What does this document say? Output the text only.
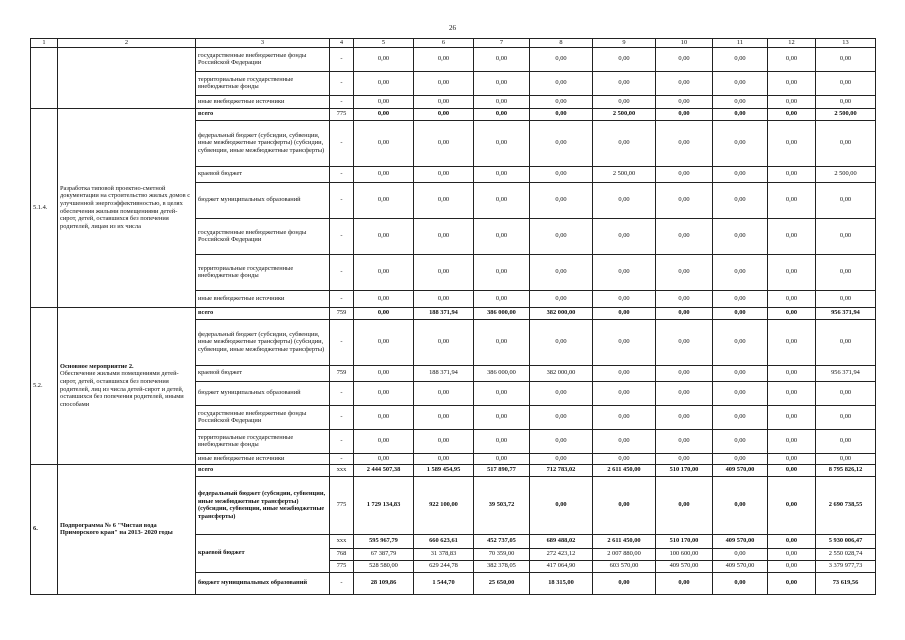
26
1	2	3	4	5	6	7	8	9	10	11	12	13
		государственные внебюджетные фонды Российской Федерации	-	0,00	0,00	0,00	0,00	0,00	0,00	0,00	0,00	0,00
		территориальные государственные внебюджетные фонды	-	0,00	0,00	0,00	0,00	0,00	0,00	0,00	0,00	0,00
		иные внебюджетные источники	-	0,00	0,00	0,00	0,00	0,00	0,00	0,00	0,00	0,00
5.1.4.	Разработка типовой проектно-сметной документации на строительство жилых домов с улучшенной энергоэффективностью, в целях обеспечения жилыми помещениями детей-сирот, детей, оставшихся без попечения родителей, лицам из их числа	всего	775	0,00	0,00	0,00	0,00	2 500,00	0,00	0,00	0,00	2 500,00
		федеральный бюджет (субсидии, субвенции, иные межбюджетные трансферты) (субсидии, субвенции, иные межбюджетные трансферты)	-	0,00	0,00	0,00	0,00	0,00	0,00	0,00	0,00	0,00
		краевой бюджет	-	0,00	0,00	0,00	0,00	2 500,00	0,00	0,00	0,00	2 500,00
		бюджет муниципальных образований	-	0,00	0,00	0,00	0,00	0,00	0,00	0,00	0,00	0,00
		государственные внебюджетные фонды Российской Федерации	-	0,00	0,00	0,00	0,00	0,00	0,00	0,00	0,00	0,00
		территориальные государственные внебюджетные фонды	-	0,00	0,00	0,00	0,00	0,00	0,00	0,00	0,00	0,00
		иные внебюджетные источники	-	0,00	0,00	0,00	0,00	0,00	0,00	0,00	0,00	0,00
5.2.	Основное мероприятие 2.
Обеспечение жилыми помещениями детей-сирот, детей, оставшихся без попечения родителей, лиц из числа детей-сирот и детей, оставшихся без попечения родителей, иными способами	всего	759	0,00	188 371,94	386 000,00	382 000,00	0,00	0,00	0,00	0,00	956 371,94
		федеральный бюджет (субсидии, субвенции, иные межбюджетные трансферты) (субсидии, субвенции, иные межбюджетные трансферты)	-	0,00	0,00	0,00	0,00	0,00	0,00	0,00	0,00	0,00
		краевой бюджет	759	0,00	188 371,94	386 000,00	382 000,00	0,00	0,00	0,00	0,00	956 371,94
		бюджет муниципальных образований	-	0,00	0,00	0,00	0,00	0,00	0,00	0,00	0,00	0,00
		государственные внебюджетные фонды Российской Федерации	-	0,00	0,00	0,00	0,00	0,00	0,00	0,00	0,00	0,00
		территориальные государственные внебюджетные фонды	-	0,00	0,00	0,00	0,00	0,00	0,00	0,00	0,00	0,00
		иные внебюджетные источники	-	0,00	0,00	0,00	0,00	0,00	0,00	0,00	0,00	0,00
6.	Подпрограмма № 6 "Чистая вода Приморского края" на 2013- 2020 годы	всего	xxx	2 444 507,38	1 589 454,95	517 890,77	712 783,02	2 611 450,00	510 170,00	409 570,00	0,00	8 795 826,12
		федеральный бюджет (субсидии, субвенции, иные межбюджетные трансферты) (субсидии, субвенции, иные межбюджетные трансферты)	775	1 729 134,83	922 100,00	39 503,72	0,00	0,00	0,00	0,00	0,00	2 690 738,55
		краевой бюджет	xxx	595 967,79	660 623,61	452 737,05	689 488,02	2 611 450,00	510 170,00	409 570,00	0,00	5 930 006,47
			768	67 387,79	31 378,83	70 359,00	272 423,12	2 007 880,00	100 600,00	0,00	0,00	2 550 028,74
			775	528 580,00	629 244,78	382 378,05	417 064,90	603 570,00	409 570,00	409 570,00	0,00	3 379 977,73
		бюджет муниципальных образований	-	28 109,86	1 544,70	25 650,00	18 315,00	0,00	0,00	0,00	0,00	73 619,56
